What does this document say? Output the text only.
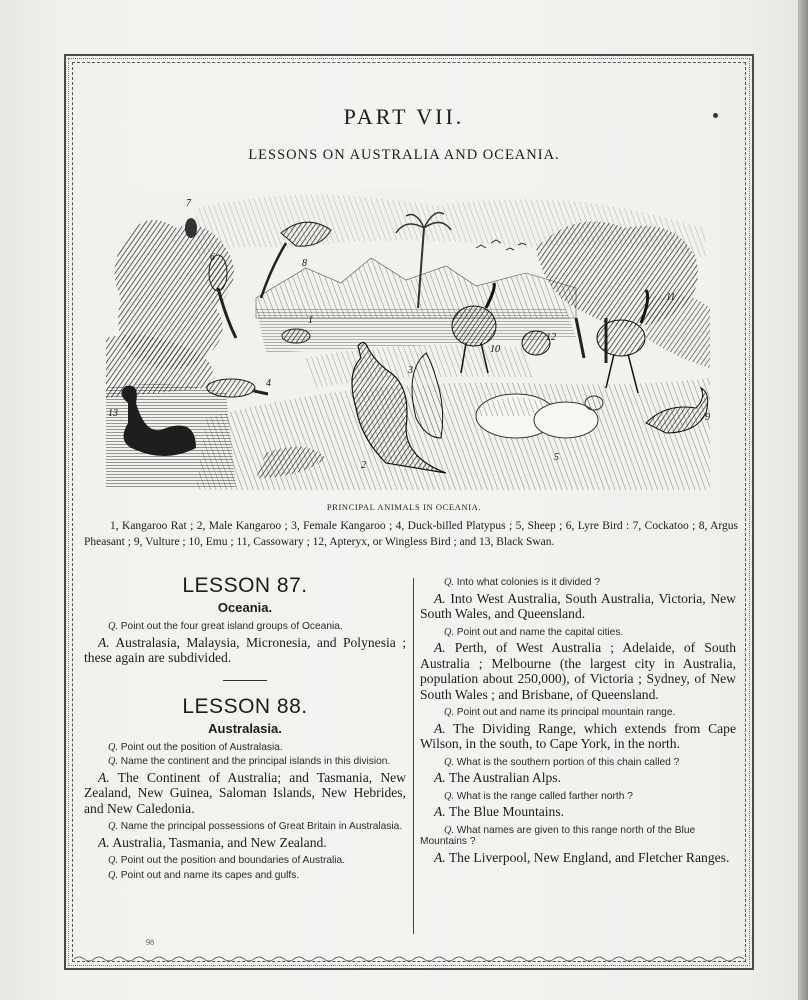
PART VII.
LESSONS ON AUSTRALIA AND OCEANIA.
1
2
3
4
5
6
7
8
9
10
11
12
13
PRINCIPAL ANIMALS IN OCEANIA.
1, Kangaroo Rat ; 2, Male Kangaroo ; 3, Female Kangaroo ; 4, Duck-billed Platypus ; 5, Sheep ; 6, Lyre Bird : 7, Cockatoo ; 8, Argus Pheasant ; 9, Vulture ; 10, Emu ; 11, Cassowary ; 12, Apteryx, or Wingless Bird ; and 13, Black Swan.
LESSON 87.
Oceania.

Q. Point out the four great island groups of Oceania.

A. Australasia, Malaysia, Micronesia, and Polynesia ; these again are subdivided.

LESSON 88.
Australasia.

Q. Point out the position of Australasia.

Q. Name the continent and the principal islands in this division.

A. The Continent of Australia; and Tasmania, New Zealand, New Guinea, Saloman Islands, New Hebrides, and New Caledonia.

Q. Name the principal possessions of Great Britain in Australasia.

A. Australia, Tasmania, and New Zealand.

Q. Point out the position and boundaries of Australia.

Q. Point out and name its capes and gulfs.

Q. Into what colonies is it divided ?

A. Into West Australia, South Australia, Victoria, New South Wales, and Queensland.

Q. Point out and name the capital cities.

A. Perth, of West Australia ; Adelaide, of South Australia ; Melbourne (the largest city in Australia, population about 250,000), of Victoria ; Sydney, of New South Wales ; and Brisbane, of Queensland.

Q. Point out and name its principal mountain range.

A. The Dividing Range, which extends from Cape Wilson, in the south, to Cape York, in the north.

Q. What is the southern portion of this chain called ?

A. The Australian Alps.

Q. What is the range called farther north ?

A. The Blue Mountains.

Q. What names are given to this range north of the Blue Mountains ?

A. The Liverpool, New England, and Fletcher Ranges.

98
